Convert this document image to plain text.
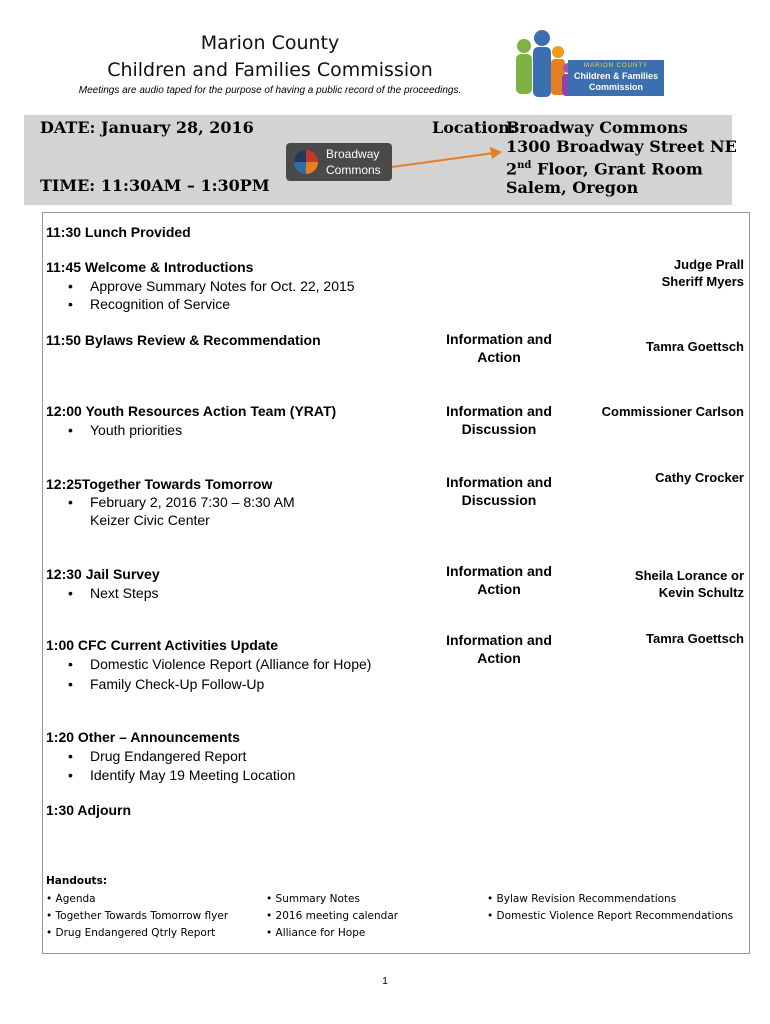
Marion County
Children and Families Commission
Meetings are audio taped for the purpose of having a public record of the proceedings.
MARION COUNTY
Children & Families
Commission
DATE: January 28, 2016
TIME: 11:30AM – 1:30PM
Location:
Broadway Commons
1300 Broadway Street NE
2nd Floor, Grant Room
Salem, Oregon
Broadway
Commons
11:30 Lunch Provided
11:45 Welcome & Introductions
• Approve Summary Notes for Oct. 22, 2015
• Recognition of Service
Judge Prall
Sheriff Myers
11:50 Bylaws Review & Recommendation	Information and
Action
Tamra Goettsch
12:00 Youth Resources Action Team (YRAT)
• Youth priorities
Information and
Discussion
Commissioner Carlson
12:25Together Towards Tomorrow
• February 2, 2016 7:30 – 8:30 AM
Keizer Civic Center
Information and
Discussion
Cathy Crocker
12:30 Jail Survey
• Next Steps
Information and
Action
Sheila Lorance or
Kevin Schultz
1:00 CFC Current Activities Update
• Domestic Violence Report (Alliance for Hope)
• Family Check-Up Follow-Up
Information and
Action
Tamra Goettsch
1:20 Other – Announcements
• Drug Endangered Report
• Identify May 19 Meeting Location
1:30 Adjourn
Handouts:
• Agenda
• Together Towards Tomorrow flyer
• Drug Endangered Qtrly Report
• Summary Notes
• 2016 meeting calendar
• Alliance for Hope
• Bylaw Revision Recommendations
• Domestic Violence Report Recommendations
1
